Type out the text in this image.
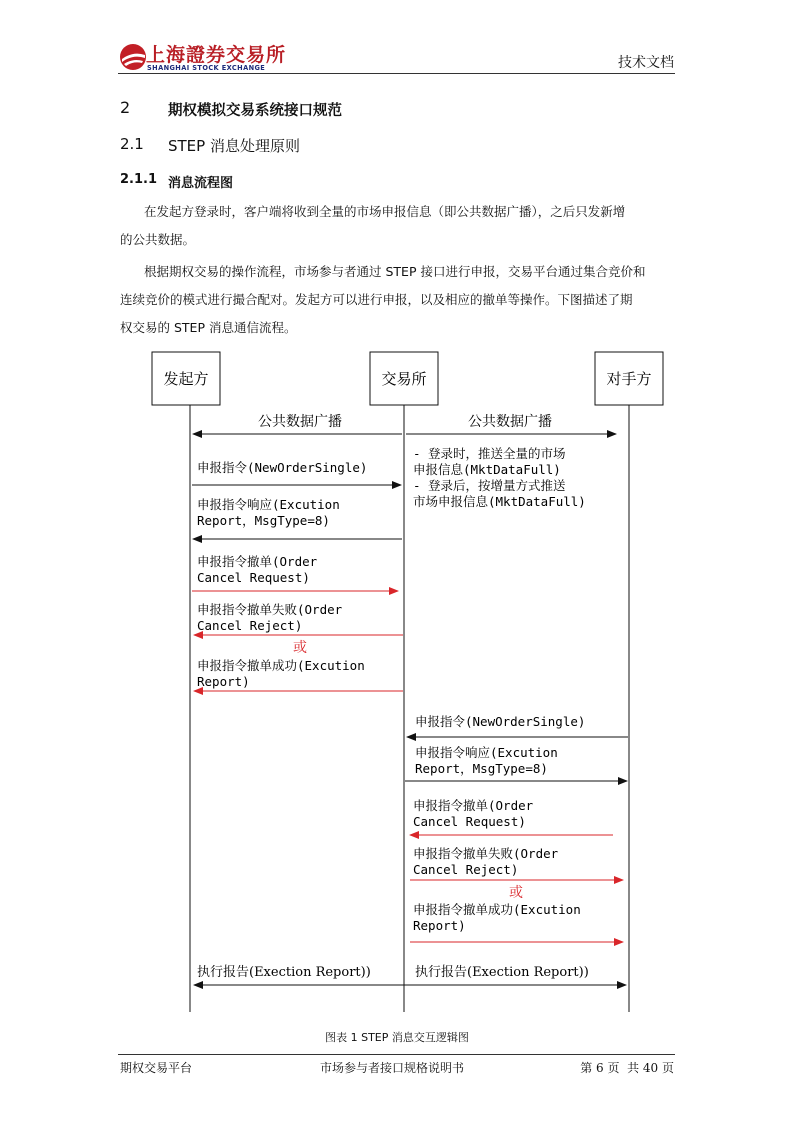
上海證券交易所
SHANGHAI STOCK EXCHANGE	技术文档
2	期权模拟交易系统接口规范
2.1 STEP 消息处理原则
2.1.1 消息流程图

在发起方登录时，客户端将收到全量的市场申报信息（即公共数据广播），之后只发新增

的公共数据。

根据期权交易的操作流程，市场参与者通过 STEP 接口进行申报，交易平台通过集合竞价和

连续竞价的模式进行撮合配对。发起方可以进行申报，以及相应的撤单等操作。下图描述了期

权交易的 STEP 消息通信流程。

发起方	交易所	对手方
公共数据广播
申报指令(NewOrderSingle)
申报指令响应(Excution
Report，MsgType=8)
申报指令撤单(Order
Cancel Request)
申报指令撤单失败(Order
Cancel Reject)
或
申报指令撤单成功(Excution
Report)
执行报告(Exection Report))
公共数据广播
- 登录时，推送全量的市场
申报信息(MktDataFull)
- 登录后，按增量方式推送
市场申报信息(MktDataFull)
申报指令(NewOrderSingle)
申报指令响应(Excution
Report，MsgType=8)
申报指令撤单(Order
Cancel Request)
申报指令撤单失败(Order
Cancel Reject)
或
申报指令撤单成功(Excution
Report)
执行报告(Exection Report))
图表 1 STEP 消息交互逻辑图
期权交易平台	市场参与者接口规格说明书	第 6 页  共 40 页
